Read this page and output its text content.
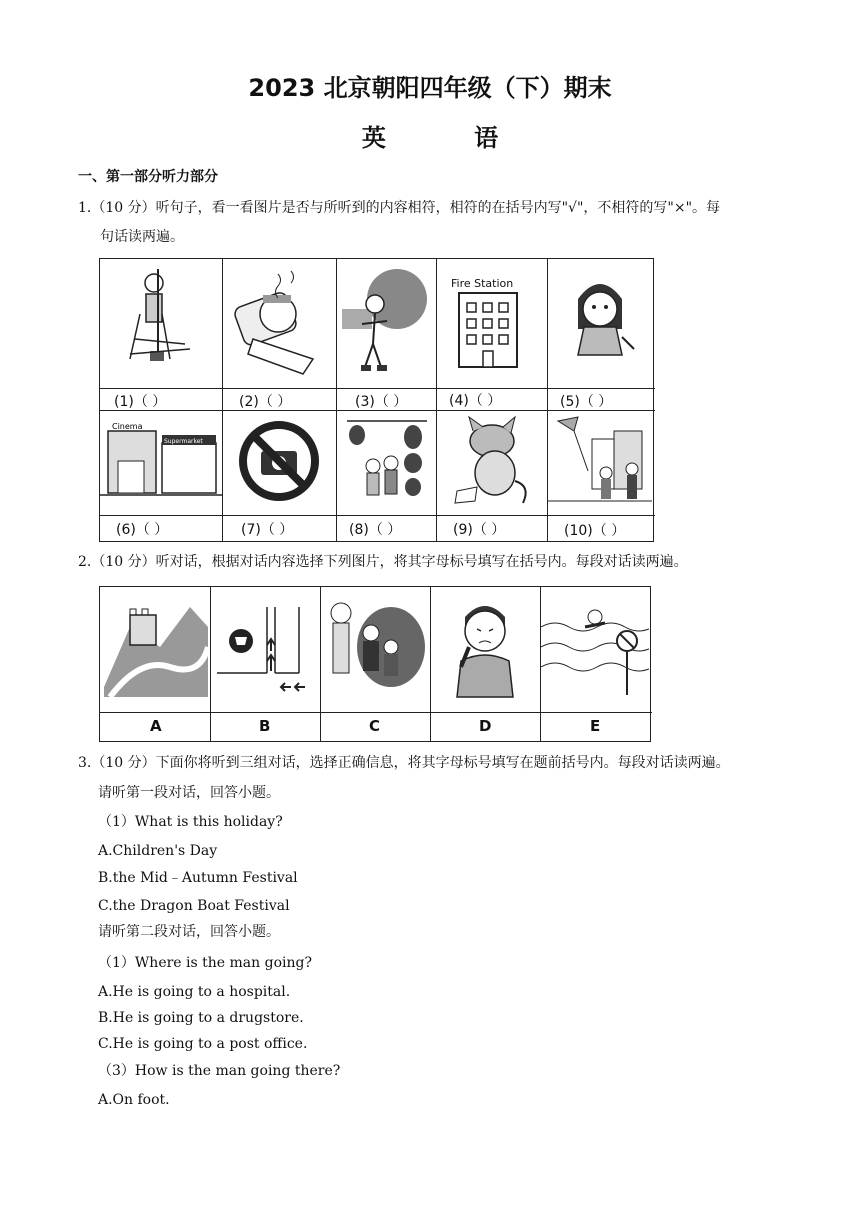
2023 北京朝阳四年级（下）期末
英 语
一、第一部分听力部分
1.（10 分）听句子，看一看图片是否与所听到的内容相符，相符的在括号内写"√"，不相符的写"×"。每
句话读两遍。
Fire Station
(1)（ ）	(2)（ ）	(3)（ ）	(4)（ ）	(5)（ ）
Cinema
Supermarket
(6)（ ）	(7)（ ）	(8)（ ）	(9)（ ）	(10)（ ）
2.（10 分）听对话，根据对话内容选择下列图片，将其字母标号填写在括号内。每段对话读两遍。
A	B	C	D	E
3.（10 分）下面你将听到三组对话，选择正确信息，将其字母标号填写在题前括号内。每段对话读两遍。
请听第一段对话，回答小题。
（1）What is this holiday?
A.Children's Day
B.the Mid﹣Autumn Festival
C.the Dragon Boat Festival
请听第二段对话，回答小题。
（1）Where is the man going?
A.He is going to a hospital.
B.He is going to a drugstore.
C.He is going to a post office.
（3）How is the man going there?
A.On foot.
